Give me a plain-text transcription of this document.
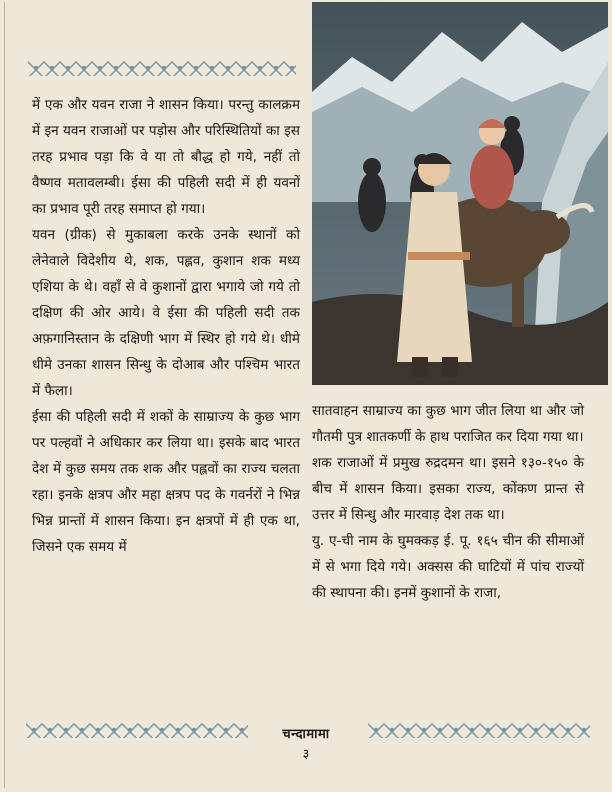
में एक और यवन राजा ने शासन किया। परन्तु कालक्रम में इन यवन राजाओं पर पड़ोस और परिस्थितियों का इस तरह प्रभाव पड़ा कि वे या तो बौद्ध हो गये, नहीं तो वैष्णव मतावलम्बी। ईसा की पहिली सदी में ही यवनों का प्रभाव पूरी तरह समाप्त हो गया।

यवन (ग्रीक) से मुकाबला करके उनके स्थानों को लेनेवाले विदेशीय थे, शक, पह्लव, कुशान शक मध्य एशिया के थे। वहाँ से वे कुशानों द्वारा भगाये जो गये तो दक्षिण की ओर आये। वे ईसा की पहिली सदी तक अफ़गानिस्तान के दक्षिणी भाग में स्थिर हो गये थे। धीमे धीमे उनका शासन सिन्धु के दोआब और पश्चिम भारत में फैला।

ईसा की पहिली सदी में शकों के साम्राज्य के कुछ भाग पर पल्हवों ने अधिकार कर लिया था। इसके बाद भारत देश में कुछ समय तक शक और पह्लवों का राज्य चलता रहा। इनके क्षत्रप और महा क्षत्रप पद के गवर्नरों ने भिन्न भिन्न प्रान्तों में शासन किया। इन क्षत्रपों में ही एक था, जिसने एक समय में

सातवाहन साम्राज्य का कुछ भाग जीत लिया था और जो गौतमी पुत्र शातकर्णी के हाथ पराजित कर दिया गया था।

शक राजाओं में प्रमुख रुद्रदमन था। इसने १३०-१५० के बीच में शासन किया। इसका राज्य, कोंकण प्रान्त से उत्तर में सिन्धु और मारवाड़ देश तक था।

यु. ए-ची नाम के घुमक्कड़ ई. पू. १६५ चीन की सीमाओं में से भगा दिये गये। अक्सस की घाटियों में पांच राज्यों की स्थापना की। इनमें कुशानों के राजा,

चन्दामामा
३
